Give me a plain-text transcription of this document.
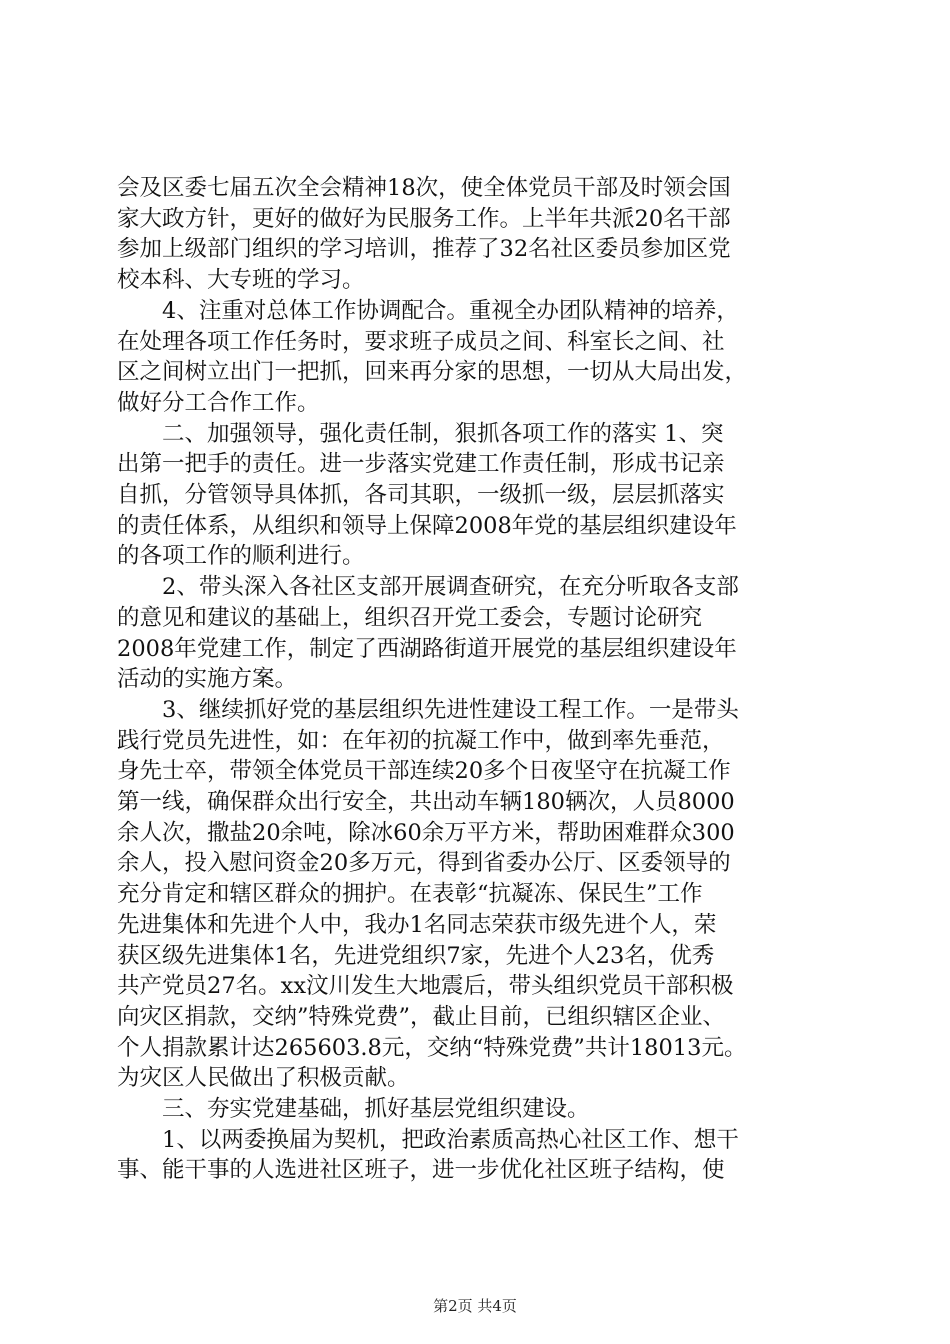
会及区委七届五次全会精神18次，使全体党员干部及时领会国
家大政方针，更好的做好为民服务工作。上半年共派20名干部
参加上级部门组织的学习培训，推荐了32名社区委员参加区党
校本科、大专班的学习。
　　4、注重对总体工作协调配合。重视全办团队精神的培养，
在处理各项工作任务时，要求班子成员之间、科室长之间、社
区之间树立出门一把抓，回来再分家的思想，一切从大局出发，
做好分工合作工作。
　　二、加强领导，强化责任制，狠抓各项工作的落实 1、突
出第一把手的责任。进一步落实党建工作责任制，形成书记亲
自抓，分管领导具体抓，各司其职，一级抓一级，层层抓落实
的责任体系，从组织和领导上保障2008年党的基层组织建设年
的各项工作的顺利进行。
　　2、带头深入各社区支部开展调查研究，在充分听取各支部
的意见和建议的基础上，组织召开党工委会，专题讨论研究
2008年党建工作，制定了西湖路街道开展党的基层组织建设年
活动的实施方案。
　　3、继续抓好党的基层组织先进性建设工程工作。一是带头
践行党员先进性，如：在年初的抗凝工作中，做到率先垂范，
身先士卒，带领全体党员干部连续20多个日夜坚守在抗凝工作
第一线，确保群众出行安全，共出动车辆180辆次，人员8000
余人次，撒盐20余吨，除冰60余万平方米，帮助困难群众300
余人，投入慰问资金20多万元，得到省委办公厅、区委领导的
充分肯定和辖区群众的拥护。在表彰“抗凝冻、保民生”工作
先进集体和先进个人中，我办1名同志荣获市级先进个人，荣
获区级先进集体1名，先进党组织7家，先进个人23名，优秀
共产党员27名。xx汶川发生大地震后，带头组织党员干部积极
向灾区捐款，交纳”特殊党费”，截止目前，已组织辖区企业、
个人捐款累计达265603.8元，交纳“特殊党费”共计18013元。
为灾区人民做出了积极贡献。
　　三、夯实党建基础，抓好基层党组织建设。
　　1、以两委换届为契机，把政治素质高热心社区工作、想干
事、能干事的人选进社区班子，进一步优化社区班子结构，使
第2页 共4页
